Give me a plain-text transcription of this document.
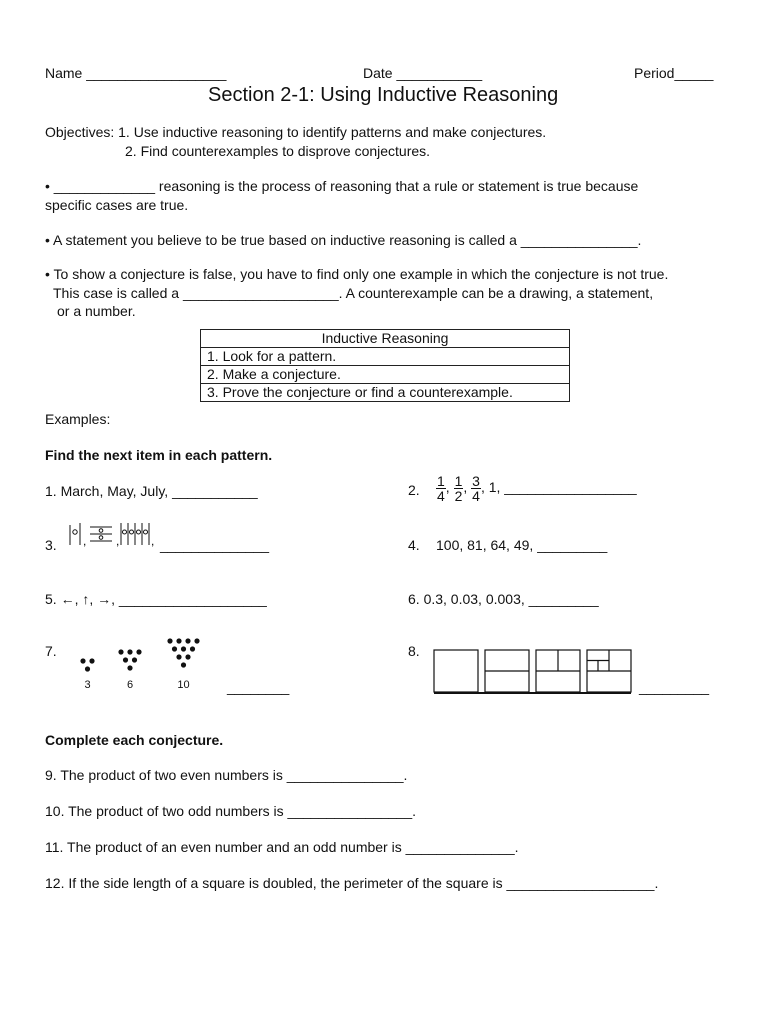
Name __________________	Date ___________	Period_____
Section 2-1: Using Inductive Reasoning
Objectives: 1. Use inductive reasoning to identify patterns and make conjectures.
2. Find counterexamples to disprove conjectures.
• _____________ reasoning is the process of reasoning that a rule or statement is true because
specific cases are true.
• A statement you believe to be true based on inductive reasoning is called a _______________.
• To show a conjecture is false, you have to find only one example in which the conjecture is not true.
This case is called a ____________________. A counterexample can be a drawing, a statement,
or a number.
Inductive Reasoning
1. Look for a pattern.
2. Make a conjecture.
3. Prove the conjecture or find a counterexample.
Examples:
Find the next item in each pattern.
1. March, May, July, ___________	2. $\frac{1}{4}$ , $\frac{1}{2}$ , $\frac{3}{4}$ , 1, _________________
3. , ,	, ______________	4. 100, 81, 64, 49, _________
5. ←, ↑, →, ___________________	6. 0.3, 0.03, 0.003, _________
7.
3	6	10	________
8.
_________
Complete each conjecture.
9. The product of two even numbers is _______________.
10. The product of two odd numbers is ________________.
11. The product of an even number and an odd number is ______________.
12. If the side length of a square is doubled, the perimeter of the square is ___________________.
